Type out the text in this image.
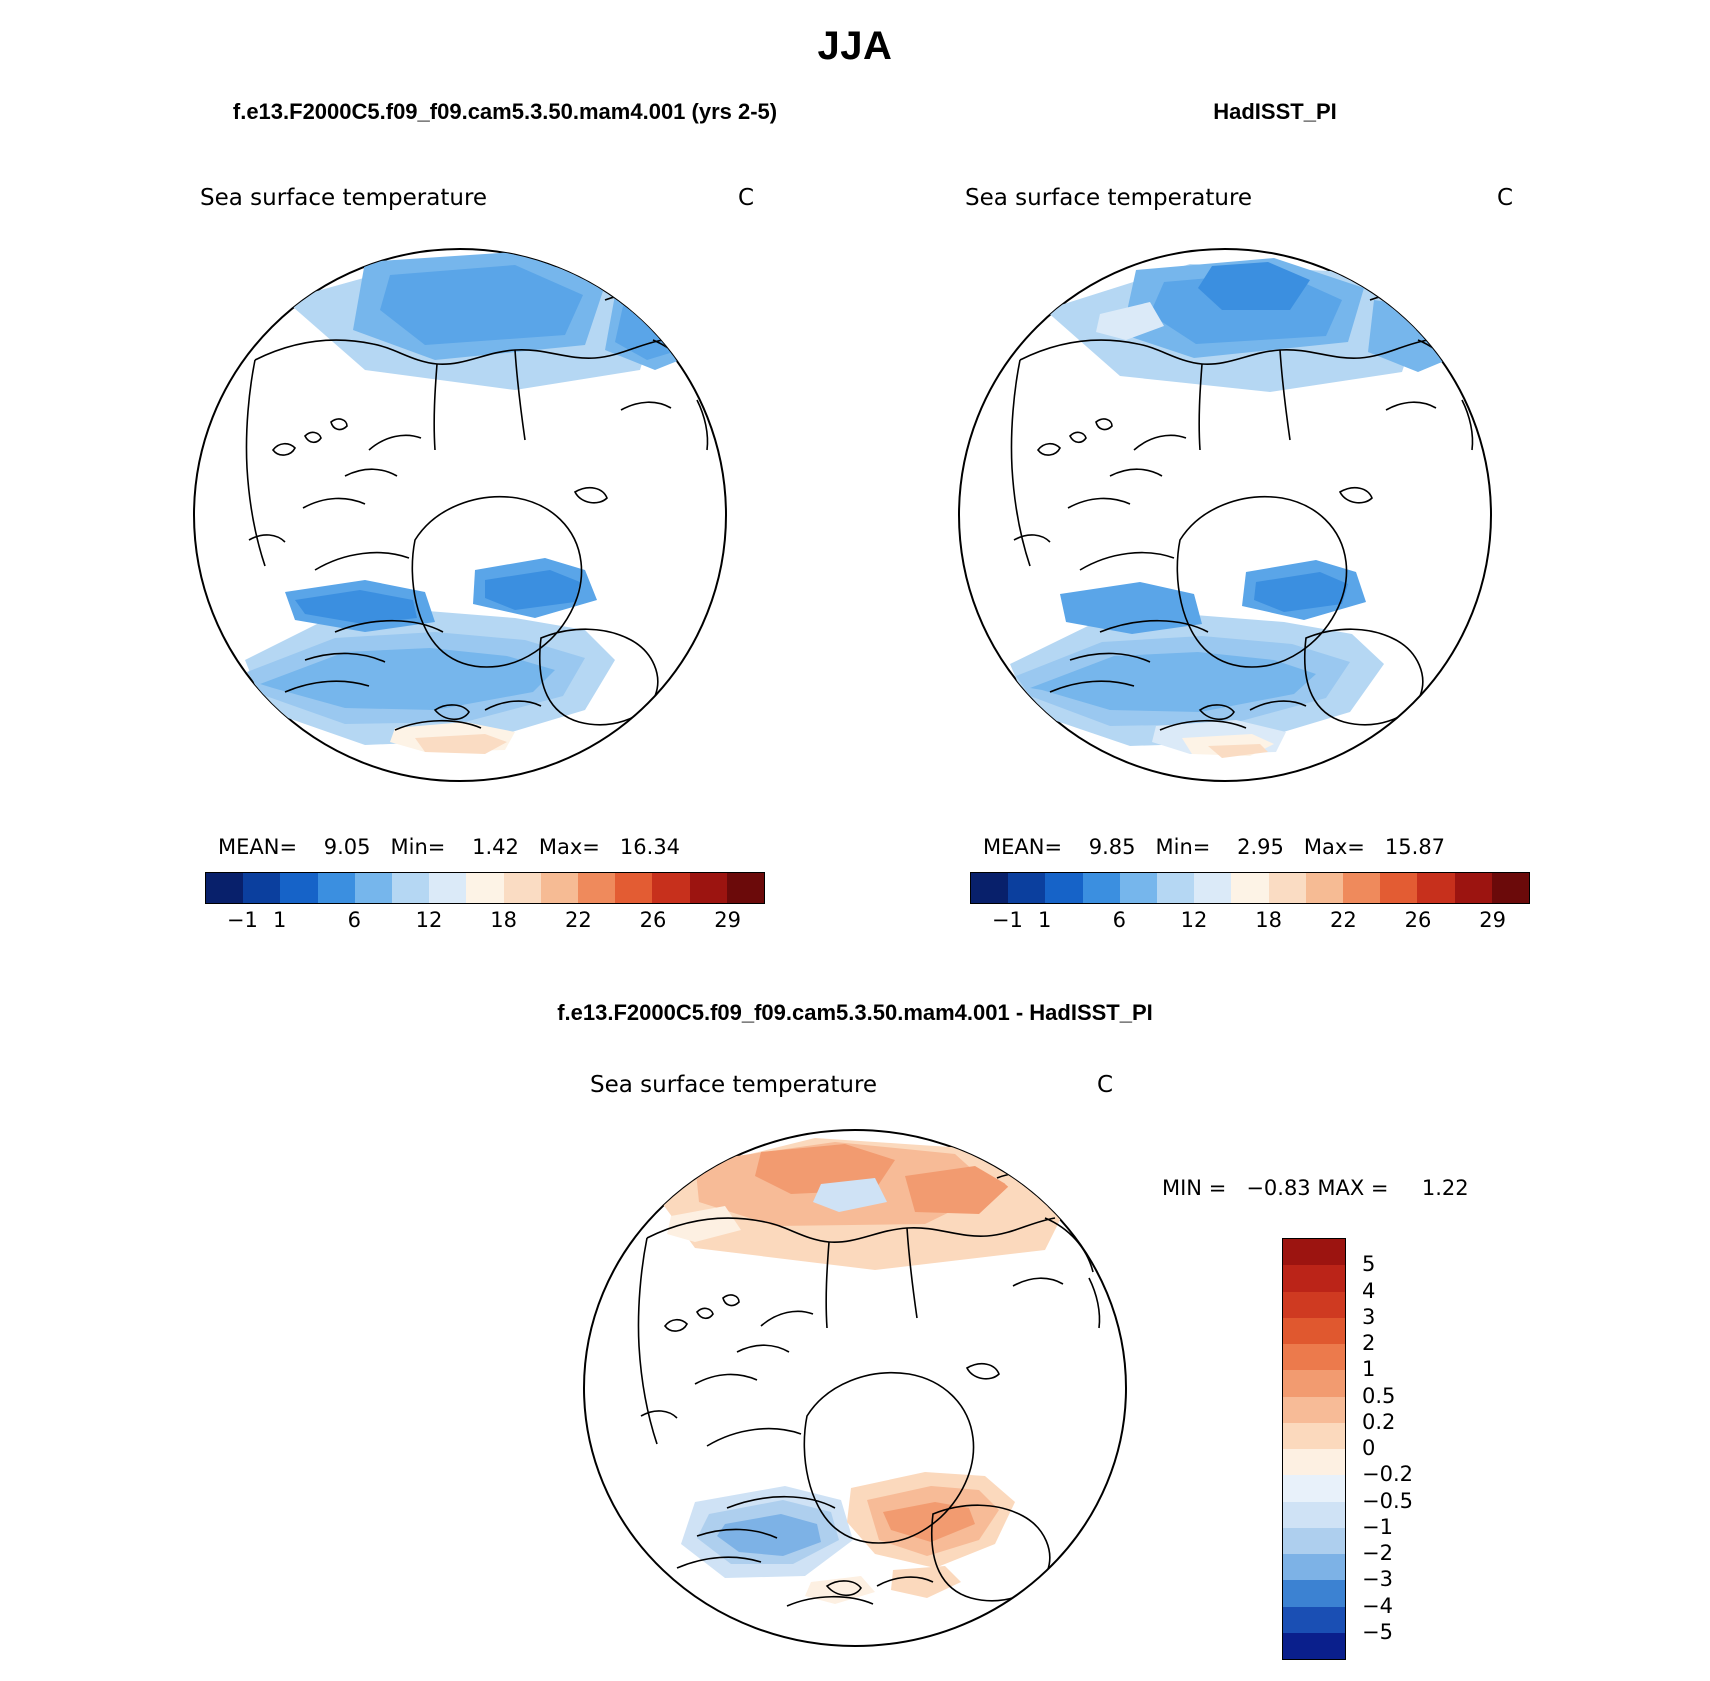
JJA
f.e13.F2000C5.f09_f09.cam5.3.50.mam4.001 (yrs 2-5)	HadISST_PI
Sea surface temperature	C
MEAN=    9.05   Min=    1.42   Max=   16.34
−1 1	6	12 18 22 26 29
Sea surface temperature	C
MEAN=    9.85   Min=    2.95   Max=   15.87
−1 1	6	12 18 22 26 29
f.e13.F2000C5.f09_f09.cam5.3.50.mam4.001 - HadISST_PI
Sea surface temperature	C
MIN =   −0.83 MAX =     1.22
5
4
3
2
1
0.5
0.2
0
−0.2
−0.5
−1
−2
−3
−4
−5
